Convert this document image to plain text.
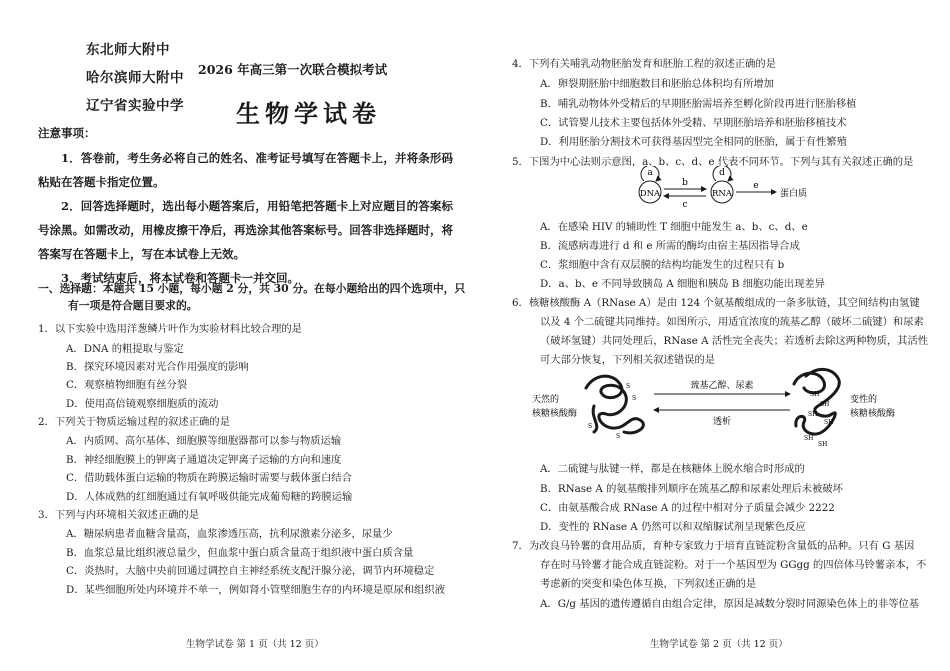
东北师大附中
哈尔滨师大附中
辽宁省实验中学
2026 年高三第一次联合模拟考试
生物学试卷
注意事项：
1．答卷前，考生务必将自己的姓名、准考证号填写在答题卡上，并将条形码粘贴在答题卡指定位置。
2．回答选择题时，选出每小题答案后，用铅笔把答题卡上对应题目的答案标号涂黑。如需改动，用橡皮擦干净后，再选涂其他答案标号。回答非选择题时，将答案写在答题卡上，写在本试卷上无效。
3．考试结束后，将本试卷和答题卡一并交回。
一、选择题：本题共 15 小题，每小题 2 分，共 30 分。在每小题给出的四个选项中，只
有一项是符合题目要求的。
1．以下实验中选用洋葱鳞片叶作为实验材料比较合理的是
A．DNA 的粗提取与鉴定
B．探究环境因素对光合作用强度的影响
C．观察植物细胞有丝分裂
D．使用高倍镜观察细胞质的流动
2．下列关于物质运输过程的叙述正确的是
A．内质网、高尔基体、细胞膜等细胞器都可以参与物质运输
B．神经细胞膜上的钾离子通道决定钾离子运输的方向和速度
C．借助载体蛋白运输的物质在跨膜运输时需要与载体蛋白结合
D．人体成熟的红细胞通过有氧呼吸供能完成葡萄糖的跨膜运输
3．下列与内环境相关叙述正确的是
A．糖尿病患者血糖含量高，血浆渗透压高，抗利尿激素分泌多，尿量少
B．血浆总量比组织液总量少，但血浆中蛋白质含量高于组织液中蛋白质含量
C．炎热时，大脑中央前回通过调控自主神经系统支配汗腺分泌，调节内环境稳定
D．某些细胞所处内环境并不单一，例如肾小管壁细胞生存的内环境是原尿和组织液
生物学试卷 第 1 页（共 12 页）
4．下列有关哺乳动物胚胎发育和胚胎工程的叙述正确的是
A．卵裂期胚胎中细胞数目和胚胎总体积均有所增加
B．哺乳动物体外受精后的早期胚胎需培养至孵化阶段再进行胚胎移植
C．试管婴儿技术主要包括体外受精、早期胚胎培养和胚胎移植技术
D．利用胚胎分割技术可获得基因型完全相同的胚胎，属于有性繁殖
5．下图为中心法则示意图，a、b、c、d、e 代表不同环节。下列与其有关叙述正确的是
a
DNA
b
c
d
RNA
e
蛋白质
A．在感染 HIV 的辅助性 T 细胞中能发生 a、b、c、d、e
B．流感病毒进行 d 和 e 所需的酶均由宿主基因指导合成
C．浆细胞中含有双层膜的结构均能发生的过程只有 b
D．a、b、e 不同导致胰岛 A 细胞和胰岛 B 细胞功能出现差异
6．核糖核酸酶 A（RNase A）是由 124 个氨基酸组成的一条多肽链，其空间结构由氢键
以及 4 个二硫键共同维持。如图所示，用适宜浓度的巯基乙醇（破坏二硫键）和尿素
（破坏氢键）共同处理后，RNase A 活性完全丧失；若透析去除这两种物质，其活性
可大部分恢复，下列相关叙述错误的是
天然的
核糖核酸酶
S
S
S
S
巯基乙醇、尿素
透析
SH
SH
SH
SH
SH
SH
变性的
核糖核酸酶
A．二硫键与肽键一样，都是在核糖体上脱水缩合时形成的
B．RNase A 的氨基酸排列顺序在巯基乙醇和尿素处理后未被破坏
C．由氨基酸合成 RNase A 的过程中相对分子质量会减少 2222
D．变性的 RNase A 仍然可以和双缩脲试剂呈现紫色反应
7．为改良马铃薯的食用品质，育种专家致力于培育直链淀粉含量低的品种。只有 G 基因
存在时马铃薯才能合成直链淀粉。对于一个基因型为 GGgg 的四倍体马铃薯亲本，不
考虑新的突变和染色体互换，下列叙述正确的是
A．G/g 基因的遗传遵循自由组合定律，原因是减数分裂时同源染色体上的非等位基
生物学试卷 第 2 页（共 12 页）
